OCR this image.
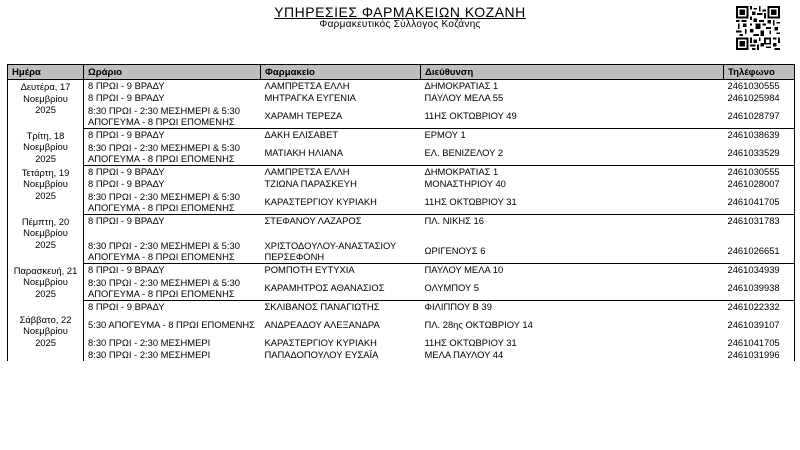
ΥΠΗΡΕΣΙΕΣ ΦΑΡΜΑΚΕΙΩΝ ΚΟΖΑΝΗ
Φαρμακευτικός Σύλλογος Κοζάνης
Ημέρα	Ωράριο	Φαρμακείο	Διεύθυνση	Τηλέφωνο
Δευτέρα, 17 Νοεμβρίου 2025	8 ΠΡΩΙ - 9 ΒΡΑΔΥ	ΛΑΜΠΡΕΤΣΑ ΕΛΛΗ	ΔΗΜΟΚΡΑΤΙΑΣ 1	2461030555
	8 ΠΡΩΙ - 9 ΒΡΑΔΥ	ΜΗΤΡΑΓΚΑ ΕΥΓΕΝΙΑ	ΠΑΥΛΟΥ ΜΕΛΑ 55	2461025984
	8:30 ΠΡΩΙ - 2:30 ΜΕΣΗΜΕΡΙ & 5:30 ΑΠΟΓΕΥΜΑ - 8 ΠΡΩΙ ΕΠΟΜΕΝΗΣ	ΧΑΡΑΜΗ ΤΕΡΕΖΑ	11ΗΣ ΟΚΤΩΒΡΙΟΥ 49	2461028797
Τρίτη, 18 Νοεμβρίου 2025	8 ΠΡΩΙ - 9 ΒΡΑΔΥ	ΔΑΚΗ ΕΛΙΣΑΒΕΤ	ΕΡΜΟΥ 1	2461038639
	8:30 ΠΡΩΙ - 2:30 ΜΕΣΗΜΕΡΙ & 5:30 ΑΠΟΓΕΥΜΑ - 8 ΠΡΩΙ ΕΠΟΜΕΝΗΣ	ΜΑΤΙΑΚΗ ΗΛΙΑΝΑ	ΕΛ. ΒΕΝΙΖΕΛΟΥ 2	2461033529
Τετάρτη, 19 Νοεμβρίου 2025	8 ΠΡΩΙ - 9 ΒΡΑΔΥ	ΛΑΜΠΡΕΤΣΑ ΕΛΛΗ	ΔΗΜΟΚΡΑΤΙΑΣ 1	2461030555
	8 ΠΡΩΙ - 9 ΒΡΑΔΥ	ΤΖΙΩΝΑ ΠΑΡΑΣΚΕΥΗ	ΜΟΝΑΣΤΗΡΙΟΥ 40	2461028007
	8:30 ΠΡΩΙ - 2:30 ΜΕΣΗΜΕΡΙ & 5:30 ΑΠΟΓΕΥΜΑ - 8 ΠΡΩΙ ΕΠΟΜΕΝΗΣ	ΚΑΡΑΣΤΕΡΓΙΟΥ ΚΥΡΙΑΚΗ	11ΗΣ ΟΚΤΩΒΡΙΟΥ 31	2461041705
Πέμπτη, 20 Νοεμβρίου 2025	8 ΠΡΩΙ - 9 ΒΡΑΔΥ	ΣΤΕΦΑΝΟΥ ΛΑΖΑΡΟΣ	ΠΛ. ΝΙΚΗΣ 16	2461031783
	8:30 ΠΡΩΙ - 2:30 ΜΕΣΗΜΕΡΙ & 5:30 ΑΠΟΓΕΥΜΑ - 8 ΠΡΩΙ ΕΠΟΜΕΝΗΣ	ΧΡΙΣΤΟΔΟΥΛΟΥ-ΑΝΑΣΤΑΣΙΟΥ ΠΕΡΣΕΦΟΝΗ	ΩΡΙΓΕΝΟΥΣ 6	2461026651
Παρασκευή, 21 Νοεμβρίου 2025	8 ΠΡΩΙ - 9 ΒΡΑΔΥ	ΡΟΜΠΟΤΗ ΕΥΤΥΧΙΑ	ΠΑΥΛΟΥ ΜΕΛΑ 10	2461034939
	8:30 ΠΡΩΙ - 2:30 ΜΕΣΗΜΕΡΙ & 5:30 ΑΠΟΓΕΥΜΑ - 8 ΠΡΩΙ ΕΠΟΜΕΝΗΣ	ΚΑΡΑΜΗΤΡΟΣ ΑΘΑΝΑΣΙΟΣ	ΟΛΥΜΠΟΥ 5	2461039938
Σάββατο, 22 Νοεμβρίου 2025	8 ΠΡΩΙ - 9 ΒΡΑΔΥ	ΣΚΛΙΒΑΝΟΣ ΠΑΝΑΓΙΩΤΗΣ	ΦΙΛΙΠΠΟΥ Β 39	2461022332
	5:30 ΑΠΟΓΕΥΜΑ - 8 ΠΡΩΙ ΕΠΟΜΕΝΗΣ	ΑΝΔΡΕΑΔΟΥ ΑΛΕΞΑΝΔΡΑ	ΠΛ. 28ης ΟΚΤΩΒΡΙΟΥ 14	2461039107
	8:30 ΠΡΩΙ - 2:30 ΜΕΣΗΜΕΡΙ	ΚΑΡΑΣΤΕΡΓΙΟΥ ΚΥΡΙΑΚΗ	11ΗΣ ΟΚΤΩΒΡΙΟΥ 31	2461041705
	8:30 ΠΡΩΙ - 2:30 ΜΕΣΗΜΕΡΙ	ΠΑΠΑΔΟΠΟΥΛΟΥ ΕΥΣΑΪΑ	ΜΕΛΑ ΠΑΥΛΟΥ 44	2461031996
